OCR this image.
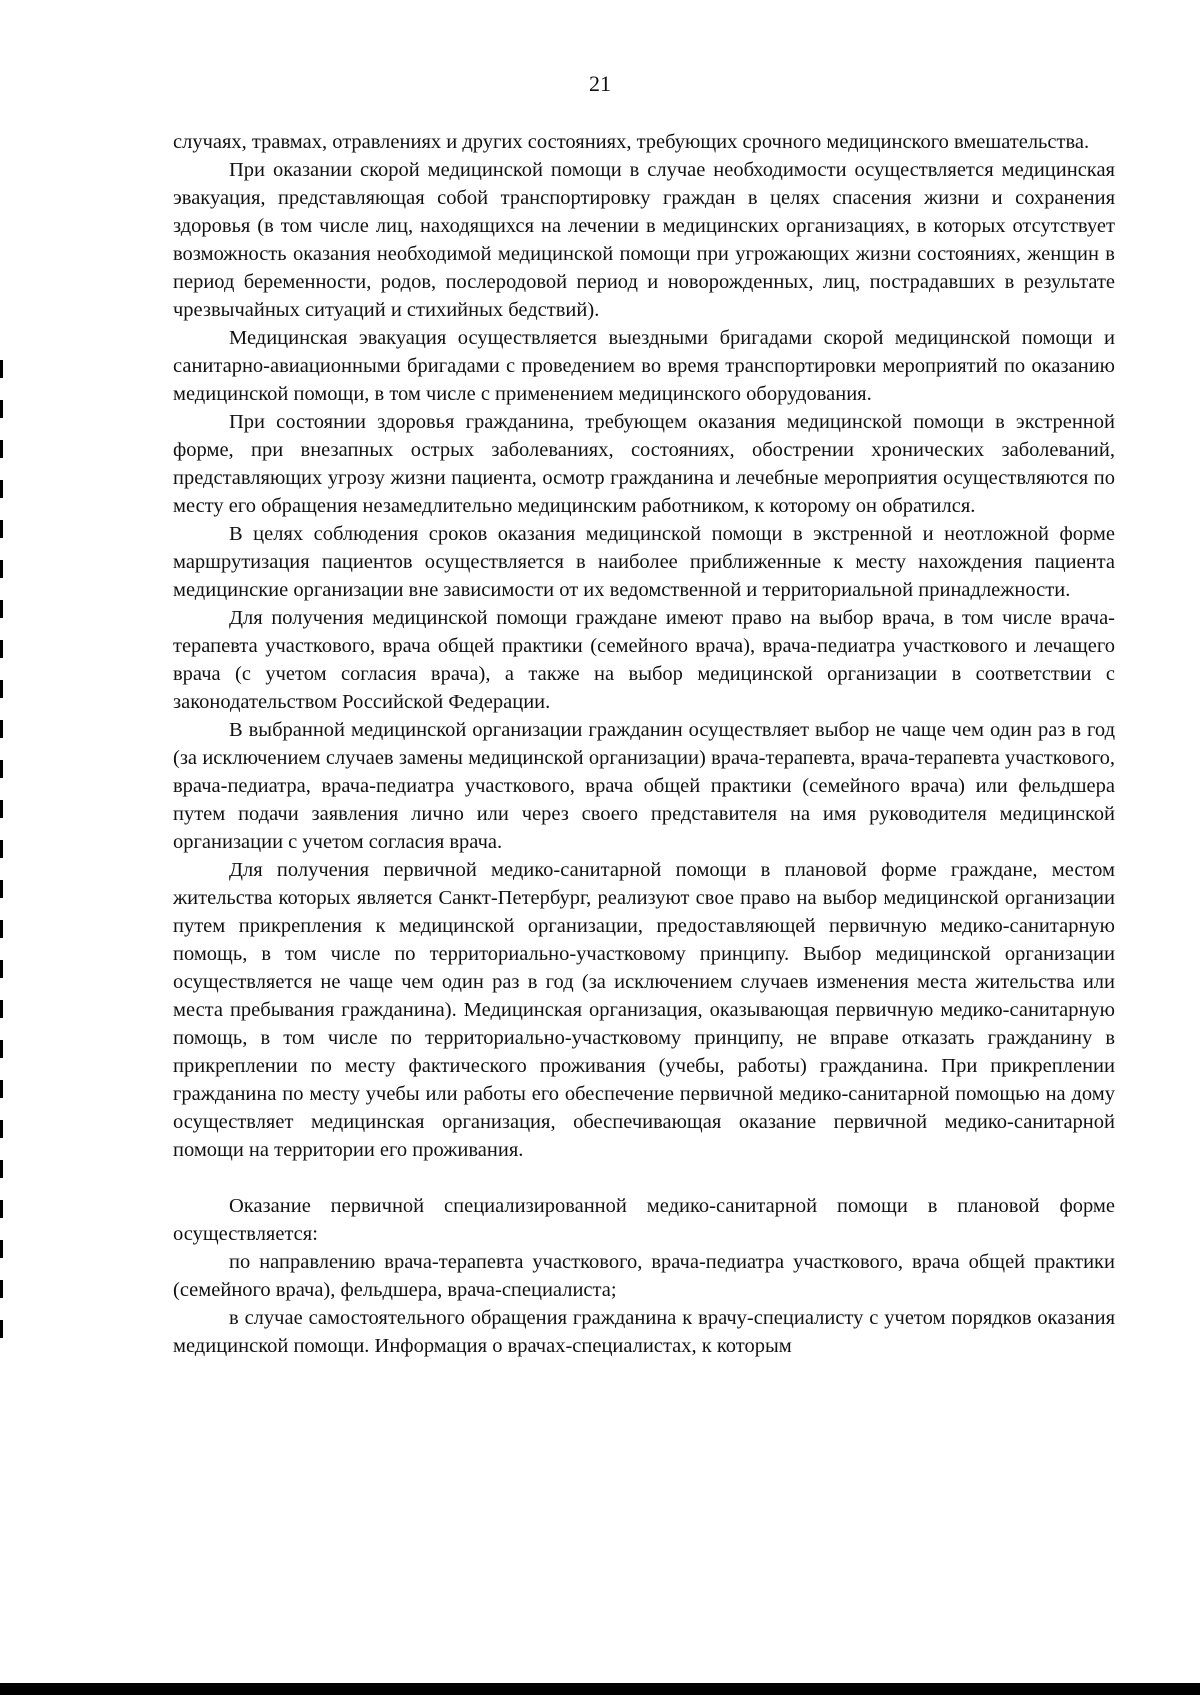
21

случаях, травмах, отравлениях и других состояниях, требующих срочного медицинского вмешательства.

При оказании скорой медицинской помощи в случае необходимости осуществляется медицинская эвакуация, представляющая собой транспортировку граждан в целях спасения жизни и сохранения здоровья (в том числе лиц, находящихся на лечении в медицинских организациях, в которых отсутствует возможность оказания необходимой медицинской помощи при угрожающих жизни состояниях, женщин в период беременности, родов, послеродовой период и новорожденных, лиц, пострадавших в результате чрезвычайных ситуаций и стихийных бедствий).

Медицинская эвакуация осуществляется выездными бригадами скорой медицинской помощи и санитарно-авиационными бригадами с проведением во время транспортировки мероприятий по оказанию медицинской помощи, в том числе с применением медицинского оборудования.

При состоянии здоровья гражданина, требующем оказания медицинской помощи в экстренной форме, при внезапных острых заболеваниях, состояниях, обострении хронических заболеваний, представляющих угрозу жизни пациента, осмотр гражданина и лечебные мероприятия осуществляются по месту его обращения незамедлительно медицинским работником, к которому он обратился.

В целях соблюдения сроков оказания медицинской помощи в экстренной и неотложной форме маршрутизация пациентов осуществляется в наиболее приближенные к месту нахождения пациента медицинские организации вне зависимости от их ведомственной и территориальной принадлежности.

Для получения медицинской помощи граждане имеют право на выбор врача, в том числе врача-терапевта участкового, врача общей практики (семейного врача), врача-педиатра участкового и лечащего врача (с учетом согласия врача), а также на выбор медицинской организации в соответствии с законодательством Российской Федерации.

В выбранной медицинской организации гражданин осуществляет выбор не чаще чем один раз в год (за исключением случаев замены медицинской организации) врача-терапевта, врача-терапевта участкового, врача-педиатра, врача-педиатра участкового, врача общей практики (семейного врача) или фельдшера путем подачи заявления лично или через своего представителя на имя руководителя медицинской организации с учетом согласия врача.

Для получения первичной медико-санитарной помощи в плановой форме граждане, местом жительства которых является Санкт-Петербург, реализуют свое право на выбор медицинской организации путем прикрепления к медицинской организации, предоставляющей первичную медико-санитарную помощь, в том числе по территориально-участковому принципу. Выбор медицинской организации осуществляется не чаще чем один раз в год (за исключением случаев изменения места жительства или места пребывания гражданина). Медицинская организация, оказывающая первичную медико-санитарную помощь, в том числе по территориально-участковому принципу, не вправе отказать гражданину в прикреплении по месту фактического проживания (учебы, работы) гражданина. При прикреплении гражданина по месту учебы или работы его обеспечение первичной медико-санитарной помощью на дому осуществляет медицинская организация, обеспечивающая оказание первичной медико-санитарной помощи на территории его проживания.

Оказание первичной специализированной медико-санитарной помощи в плановой форме осуществляется:

по направлению врача-терапевта участкового, врача-педиатра участкового, врача общей практики (семейного врача), фельдшера, врача-специалиста;

в случае самостоятельного обращения гражданина к врачу-специалисту с учетом порядков оказания медицинской помощи. Информация о врачах-специалистах, к которым
